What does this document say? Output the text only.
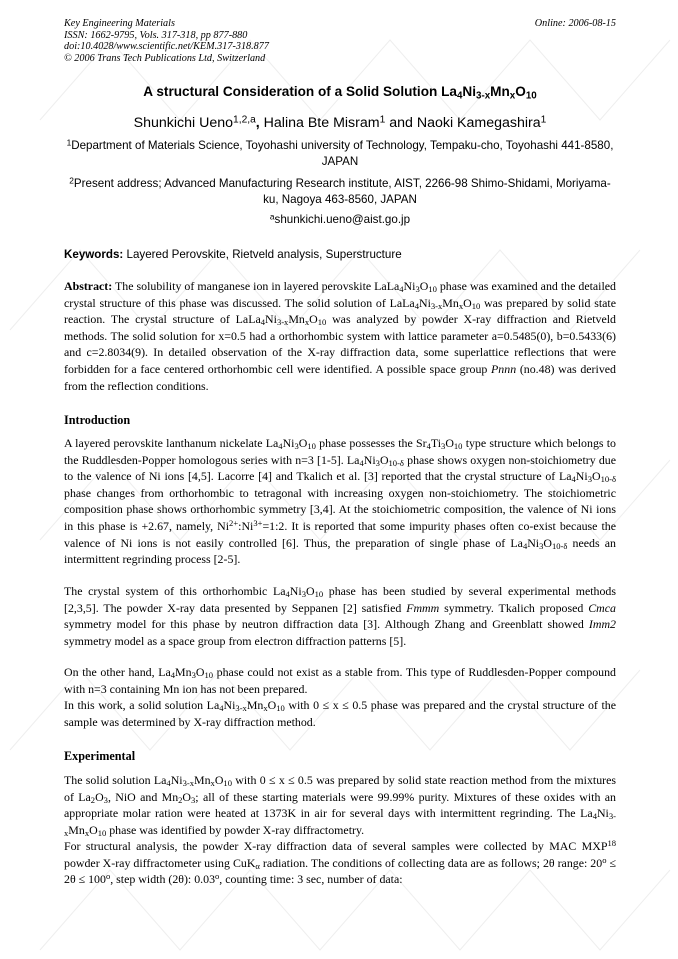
Key Engineering Materials
ISSN: 1662-9795, Vols. 317-318, pp 877-880
doi:10.4028/www.scientific.net/KEM.317-318.877
© 2006 Trans Tech Publications Ltd, Switzerland
Online: 2006-08-15
A structural Consideration of a Solid Solution $La_4Ni_{3-x}Mn_xO_{10}$
Shunkichi Ueno$^{1,2,a}$, Halina Bte Misram$^1$ and Naoki Kamegashira$^1$
$^1$Department of Materials Science, Toyohashi university of Technology, Tempaku-cho, Toyohashi 441-8580, JAPAN
$^2$Present address; Advanced Manufacturing Research institute, AIST, 2266-98 Shimo-Shidami, Moriyama-ku, Nagoya 463-8560, JAPAN
$^a$shunkichi.ueno@aist.go.jp
Keywords: Layered Perovskite, Rietveld analysis, Superstructure
Abstract: The solubility of manganese ion in layered perovskite $LaLa_4Ni_3O_{10}$ phase was examined and the detailed crystal structure of this phase was discussed. The solid solution of $LaLa_4Ni_{3-x}Mn_xO_{10}$ was prepared by solid state reaction. The crystal structure of $LaLa_4Ni_{3-x}Mn_xO_{10}$ was analyzed by powder X-ray diffraction and Rietveld methods. The solid solution for x=0.5 had a orthorhombic system with lattice parameter a=0.5485(0), b=0.5433(6) and c=2.8034(9). In detailed observation of the X-ray diffraction data, some superlattice reflections that were forbidden for a face centered orthorhombic cell were identified. A possible space group Pnnn (no.48) was derived from the reflection conditions.
Introduction
A layered perovskite lanthanum nickelate $La_4Ni_3O_{10}$ phase possesses the $Sr_4Ti_3O_{10}$ type structure which belongs to the Ruddlesden-Popper homologous series with n=3 [1-5]. $La_4Ni_3O_{10-\delta}$ phase shows oxygen non-stoichiometry due to the valence of Ni ions [4,5]. Lacorre [4] and Tkalich et al. [3] reported that the crystal structure of $La_4Ni_3O_{10-\delta}$ phase changes from orthorhombic to tetragonal with increasing oxygen non-stoichiometry. The stoichiometric composition phase shows orthorhombic symmetry [3,4]. At the stoichiometric composition, the valence of Ni ions in this phase is +2.67, namely, $Ni^{2+}:Ni^{3+}=1:2$. It is reported that some impurity phases often co-exist because the valence of Ni ions is not easily controlled [6]. Thus, the preparation of single phase of $La_4Ni_3O_{10-\delta}$ needs an intermittent regrinding process [2-5].
The crystal system of this orthorhombic $La_4Ni_3O_{10}$ phase has been studied by several experimental methods [2,3,5]. The powder X-ray data presented by Seppanen [2] satisfied Fmmm symmetry. Tkalich proposed Cmca symmetry model for this phase by neutron diffraction data [3]. Although Zhang and Greenblatt showed Imm2 symmetry model as a space group from electron diffraction patterns [5].
On the other hand, $La_4Mn_3O_{10}$ phase could not exist as a stable from. This type of Ruddlesden-Popper compound with n=3 containing Mn ion has not been prepared.
In this work, a solid solution $La_4Ni_{3-x}Mn_xO_{10}$ with 0 ≤ x ≤ 0.5 phase was prepared and the crystal structure of the sample was determined by X-ray diffraction method.
Experimental
The solid solution $La_4Ni_{3-x}Mn_xO_{10}$ with 0 ≤ x ≤ 0.5 was prepared by solid state reaction method from the mixtures of $La_2O_3$, NiO and $Mn_2O_3$; all of these starting materials were 99.99% purity. Mixtures of these oxides with an appropriate molar ration were heated at 1373K in air for several days with intermittent regrinding. The $La_4Ni_{3-x}Mn_xO_{10}$ phase was identified by powder X-ray diffractometry.
For structural analysis, the powder X-ray diffraction data of several samples were collected by MAC MXP$^{18}$ powder X-ray diffractometer using CuK$_\alpha$ radiation. The conditions of collecting data are as follows; 2θ range: $20^o \le 2\theta \le 100^o$, step width (2θ): 0.03$^o$, counting time: 3 sec, number of data:
